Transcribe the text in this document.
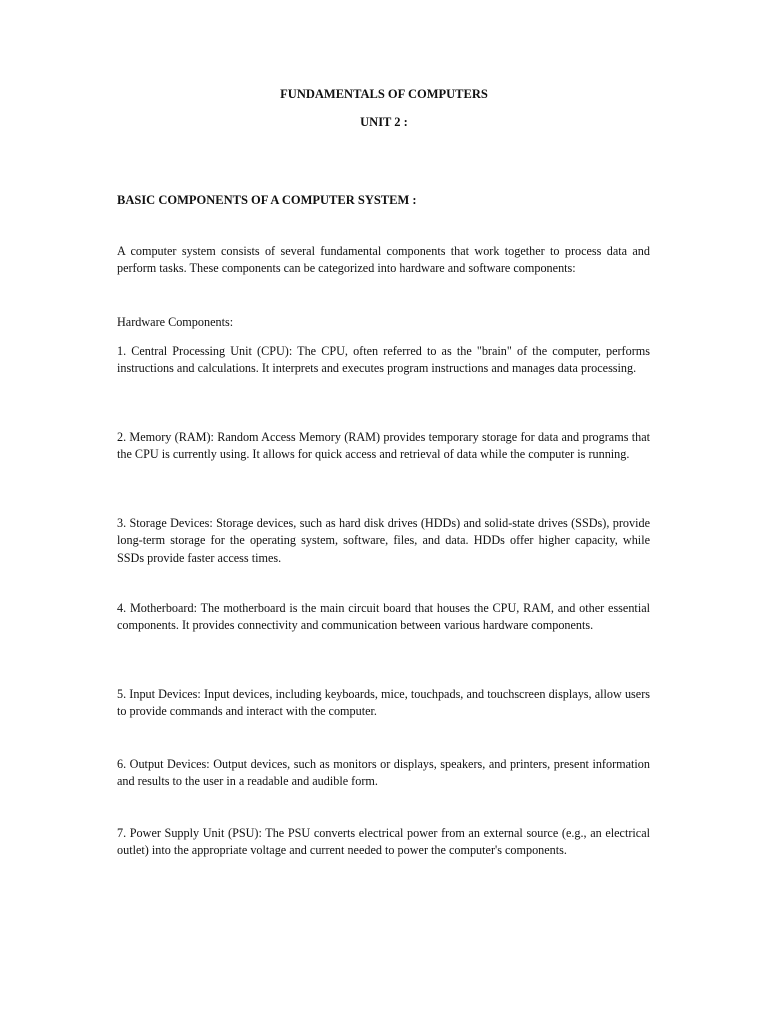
FUNDAMENTALS OF COMPUTERS
UNIT 2 :
BASIC COMPONENTS OF A COMPUTER SYSTEM :

A computer system consists of several fundamental components that work together to process data and perform tasks. These components can be categorized into hardware and software components:

Hardware Components:

1. Central Processing Unit (CPU): The CPU, often referred to as the "brain" of the computer, performs instructions and calculations. It interprets and executes program instructions and manages data processing.

2. Memory (RAM): Random Access Memory (RAM) provides temporary storage for data and programs that the CPU is currently using. It allows for quick access and retrieval of data while the computer is running.

3. Storage Devices: Storage devices, such as hard disk drives (HDDs) and solid-state drives (SSDs), provide long-term storage for the operating system, software, files, and data. HDDs offer higher capacity, while SSDs provide faster access times.

4. Motherboard: The motherboard is the main circuit board that houses the CPU, RAM, and other essential components. It provides connectivity and communication between various hardware components.

5. Input Devices: Input devices, including keyboards, mice, touchpads, and touchscreen displays, allow users to provide commands and interact with the computer.

6. Output Devices: Output devices, such as monitors or displays, speakers, and printers, present information and results to the user in a readable and audible form.

7. Power Supply Unit (PSU): The PSU converts electrical power from an external source (e.g., an electrical outlet) into the appropriate voltage and current needed to power the computer's components.
